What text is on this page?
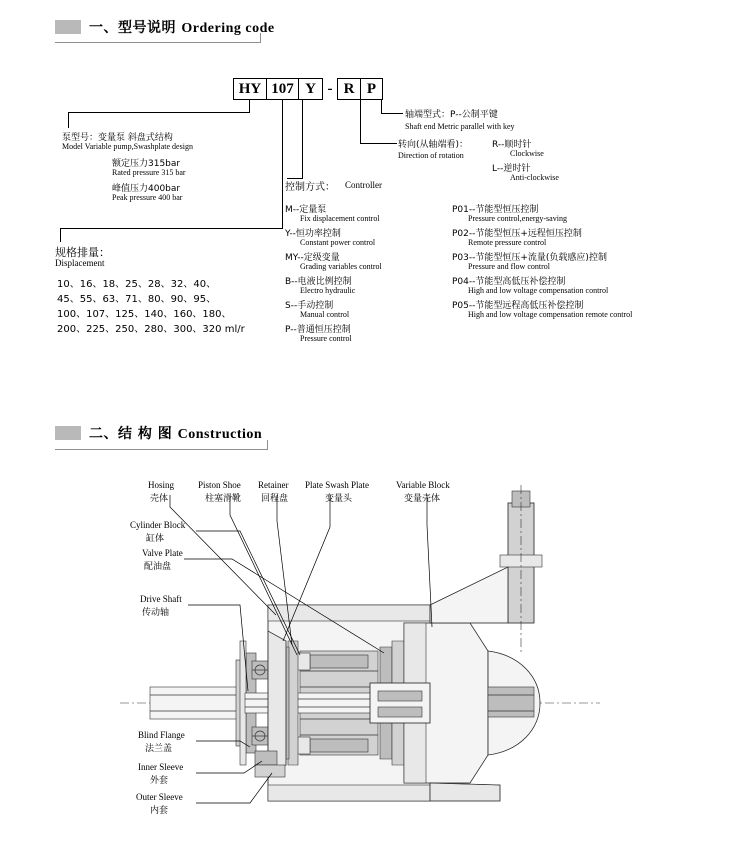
一、型号说明 Ordering code
HY 107 Y - R P
泵型号：变量泵 斜盘式结构
Model Variable pump,Swashplate design
额定压力315bar
Rated pressure 315 bar
峰值压力400bar
Peak pressure 400 bar
规格排量：
Displacement
10、16、18、25、28、32、40、
45、55、63、71、80、90、95、
100、107、125、140、160、180、
200、225、250、280、300、320 ml/r
控制方式： Controller
M--定量泵
Fix displacement control
Y--恒功率控制
Constant power control
MY--定级变量
Grading variables control
B--电液比例控制
Electro hydraulic
S--手动控制
Manual control
P--普通恒压控制
Pressure control
P01--节能型恒压控制
Pressure control,energy-saving
P02--节能型恒压+远程恒压控制
Remote pressure control
P03--节能型恒压+流量(负载感应)控制
Pressure and flow control
P04--节能型高低压补偿控制
High and low voltage compensation control
P05--节能型远程高低压补偿控制
High and low voltage compensation remote control
转向(从轴端看)：	R--顺时针
Clockwise
Direction of rotation
L--逆时针
Anti-clockwise
轴端型式：P--公制平键
Shaft end Metric parallel with key
二、结 构 图 Construction
Hosing
壳体
Piston Shoe
柱塞滑靴
Retainer
回程盘
Plate Swash Plate
变量头
Variable Block
变量壳体
Cylinder Block
缸体
Valve Plate
配油盘
Drive Shaft
传动轴
Blind Flange
法兰盖
Inner Sleeve
外套
Outer Sleeve
内套
